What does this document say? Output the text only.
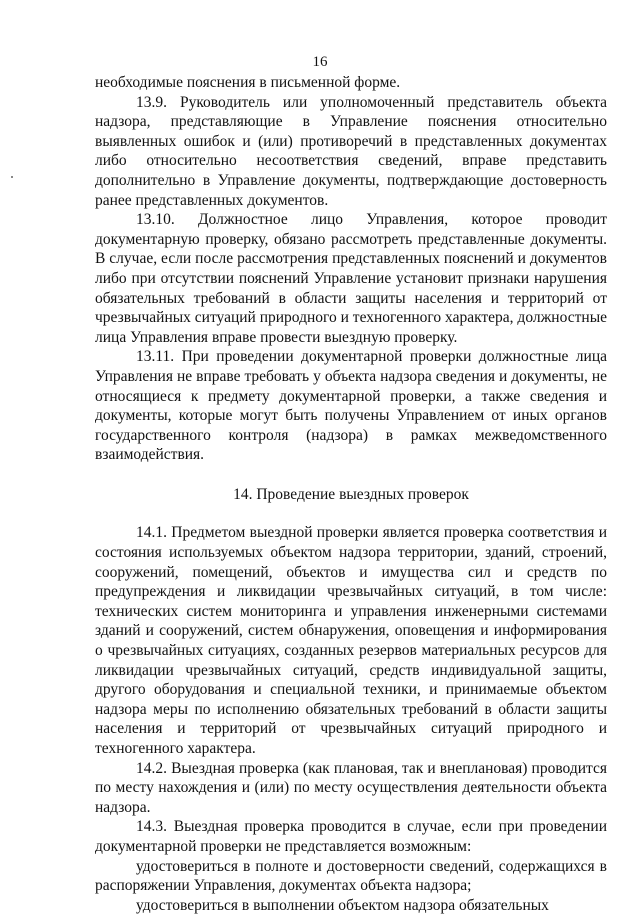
16

необходимые пояснения в письменной форме.

13.9. Руководитель или уполномоченный представитель объекта надзора, представляющие в Управление пояснения относительно выявленных ошибок и (или) противоречий в представленных документах либо относительно несоответствия сведений, вправе представить дополнительно в Управление документы, подтверждающие достоверность ранее представленных документов.

13.10. Должностное лицо Управления, которое проводит документарную проверку, обязано рассмотреть представленные документы. В случае, если после рассмотрения представленных пояснений и документов либо при отсутствии пояснений Управление установит признаки нарушения обязательных требований в области защиты населения и территорий от чрезвычайных ситуаций природного и техногенного характера, должностные лица Управления вправе провести выездную проверку.

13.11. При проведении документарной проверки должностные лица Управления не вправе требовать у объекта надзора сведения и документы, не относящиеся к предмету документарной проверки, а также сведения и документы, которые могут быть получены Управлением от иных органов государственного контроля (надзора) в рамках межведомственного взаимодействия.

14. Проведение выездных проверок

14.1. Предметом выездной проверки является проверка соответствия и состояния используемых объектом надзора территории, зданий, строений, сооружений, помещений, объектов и имущества сил и средств по предупреждения и ликвидации чрезвычайных ситуаций, в том числе: технических систем мониторинга и управления инженерными системами зданий и сооружений, систем обнаружения, оповещения и информирования о чрезвычайных ситуациях, созданных резервов материальных ресурсов для ликвидации чрезвычайных ситуаций, средств индивидуальной защиты, другого оборудования и специальной техники, и принимаемые объектом надзора меры по исполнению обязательных требований в области защиты населения и территорий от чрезвычайных ситуаций природного и техногенного характера.

14.2. Выездная проверка (как плановая, так и внеплановая) проводится по месту нахождения и (или) по месту осуществления деятельности объекта надзора.

14.3. Выездная проверка проводится в случае, если при проведении документарной проверки не представляется возможным:

удостовериться в полноте и достоверности сведений, содержащихся в распоряжении Управления, документах объекта надзора;

удостовериться в выполнении объектом надзора обязательных
